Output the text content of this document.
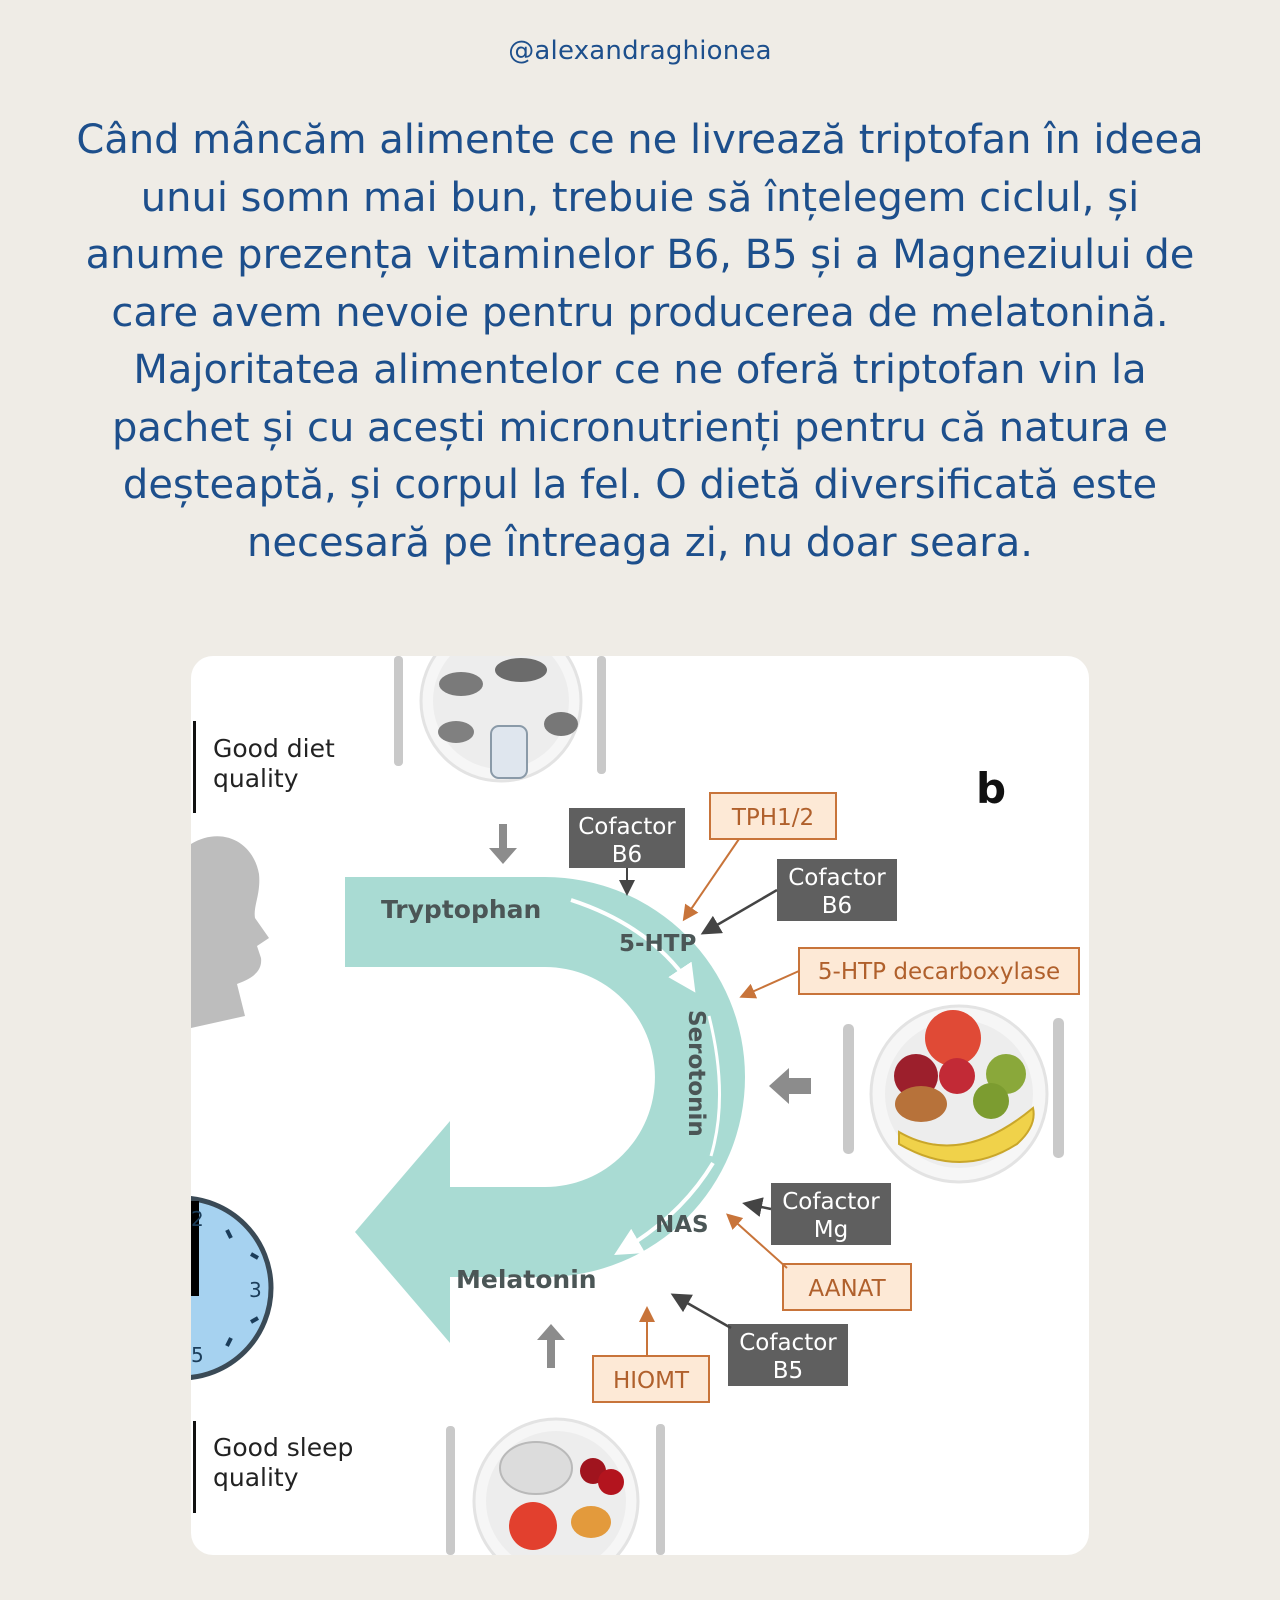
@alexandraghionea
Când mâncăm alimente ce ne livrează triptofan în ideea unui somn mai bun, trebuie să înțelegem ciclul, și anume prezența vitaminelor B6, B5 și a Magneziului de care avem nevoie pentru producerea de melatonină. Majoritatea alimentelor ce ne oferă triptofan vin la pachet și cu acești micronutrienți pentru că natura e deșteaptă, și corpul la fel. O dietă diversificată este necesară pe întreaga zi, nu doar seara.
Good diet
quality
Good sleep
quality
Tryptophan
5-HTP
Serotonin
NAS
Melatonin
b
Cofactor
B6
TPH1/2
Cofactor
B6
5-HTP decarboxylase
Cofactor
Mg
AANAT
Cofactor
B5
HIOMT
2
3
5
